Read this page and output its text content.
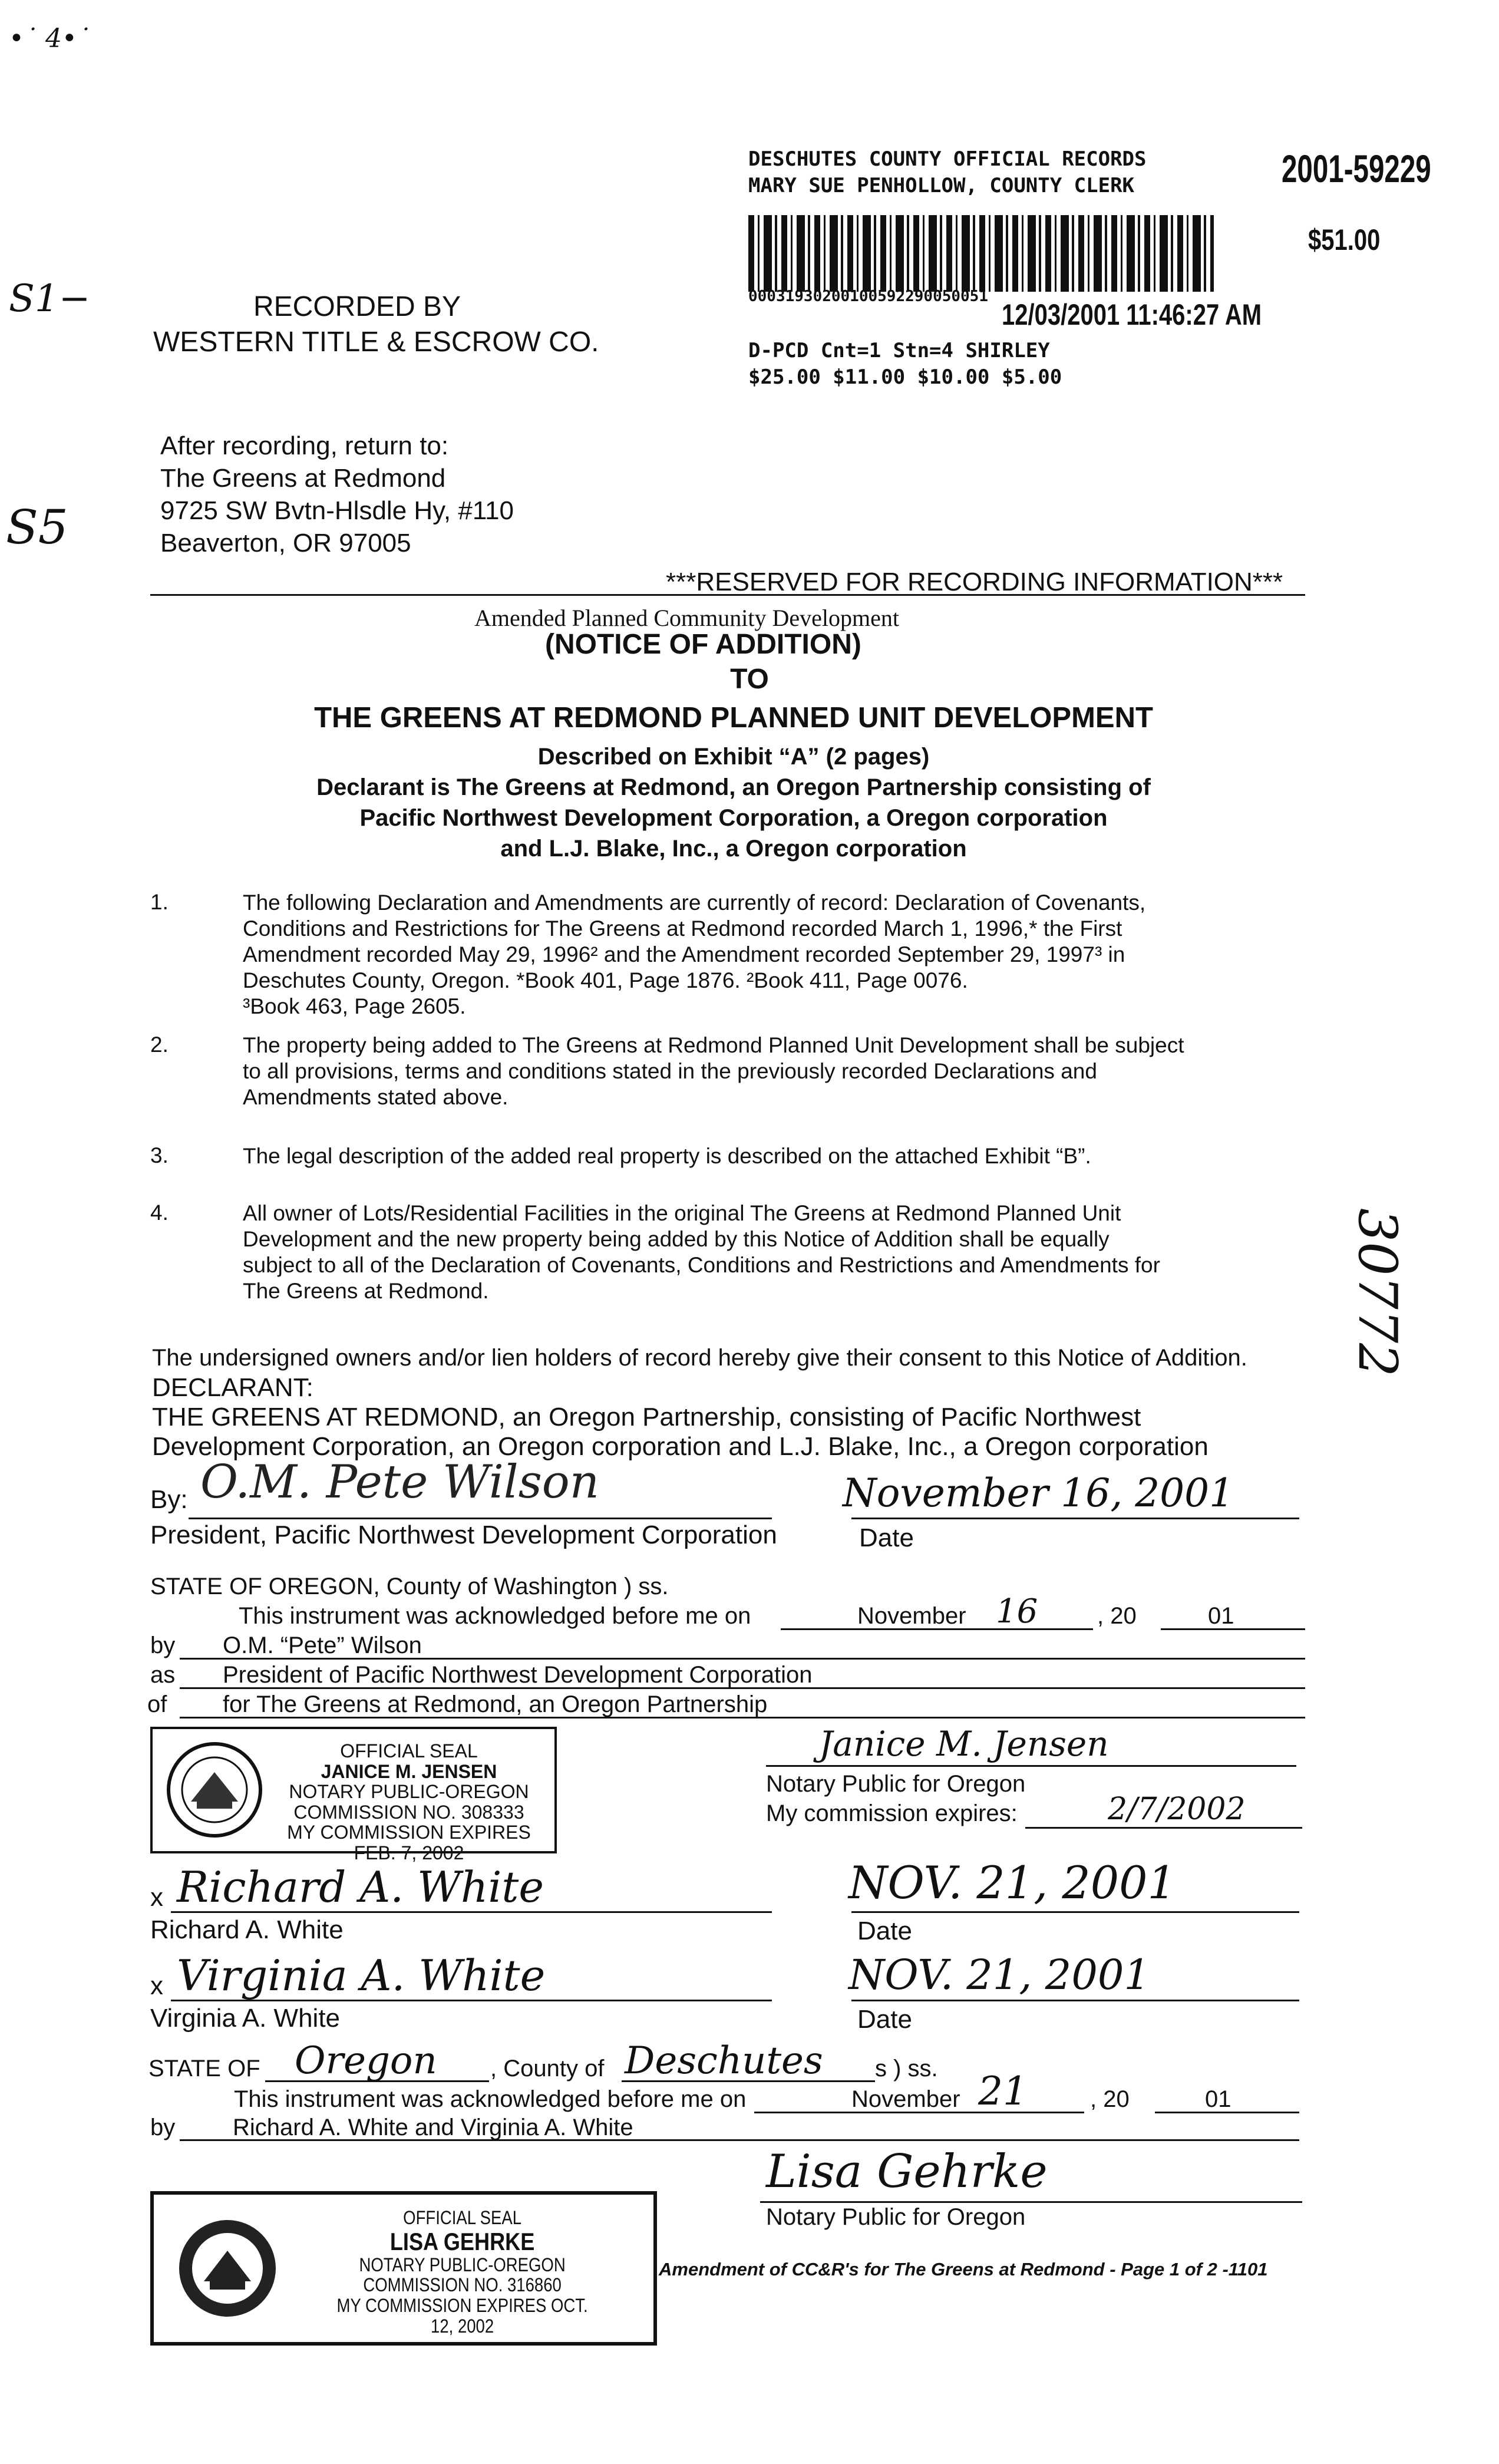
•˙ 4•˙
S1−
S5
30772
DESCHUTES COUNTY OFFICIAL RECORDS
MARY SUE PENHOLLOW, COUNTY CLERK	2001-59229
$51.00
00031930200100592290050051
12/03/2001 11:46:27 AM
D-PCD Cnt=1 Stn=4 SHIRLEY
$25.00 $11.00 $10.00 $5.00
RECORDED BY
WESTERN TITLE & ESCROW CO.
After recording, return to:
The Greens at Redmond
9725 SW Bvtn-Hlsdle Hy, #110
Beaverton, OR 97005
***RESERVED FOR RECORDING INFORMATION***
Amended Planned Community Development
(NOTICE OF ADDITION)
TO
THE GREENS AT REDMOND PLANNED UNIT DEVELOPMENT
Described on Exhibit “A” (2 pages)
Declarant is The Greens at Redmond, an Oregon Partnership consisting of
Pacific Northwest Development Corporation, a Oregon corporation
and L.J. Blake, Inc., a Oregon corporation
1.	The following Declaration and Amendments are currently of record: Declaration of Covenants,
Conditions and Restrictions for The Greens at Redmond recorded March 1, 1996,* the First
Amendment recorded May 29, 1996² and the Amendment recorded September 29, 1997³ in
Deschutes County, Oregon. *Book 401, Page 1876. ²Book 411, Page 0076.
³Book 463, Page 2605.
2.	The property being added to The Greens at Redmond Planned Unit Development shall be subject
to all provisions, terms and conditions stated in the previously recorded Declarations and
Amendments stated above.
3.	The legal description of the added real property is described on the attached Exhibit “B”.
4.	All owner of Lots/Residential Facilities in the original The Greens at Redmond Planned Unit
Development and the new property being added by this Notice of Addition shall be equally
subject to all of the Declaration of Covenants, Conditions and Restrictions and Amendments for
The Greens at Redmond.
The undersigned owners and/or lien holders of record hereby give their consent to this Notice of Addition.
DECLARANT:
THE GREENS AT REDMOND, an Oregon Partnership, consisting of Pacific Northwest
Development Corporation, an Oregon corporation and L.J. Blake, Inc., a Oregon corporation
By: O.M. Pete Wilson
President, Pacific Northwest Development Corporation
November 16, 2001
Date
STATE OF OREGON, County of Washington ) ss.
This instrument was acknowledged before me on	November 16	, 20	01
by O.M. “Pete” Wilson
as President of Pacific Northwest Development Corporation
of for The Greens at Redmond, an Oregon Partnership
OFFICIAL SEAL
JANICE M. JENSEN
NOTARY PUBLIC-OREGON
COMMISSION NO. 308333
MY COMMISSION EXPIRES FEB. 7, 2002
Janice M. Jensen
Notary Public for Oregon
My commission expires:	2/7/2002
x Richard A. White
Richard A. White
NOV. 21, 2001
Date
x Virginia A. White
Virginia A. White
NOV. 21, 2001
Date
STATE OF Oregon , County of Deschutes s ) ss.
This instrument was acknowledged before me on	November 21	, 20	01
by Richard A. White and Virginia A. White
Lisa Gehrke
Notary Public for Oregon
OFFICIAL SEAL
LISA GEHRKE
NOTARY PUBLIC-OREGON
COMMISSION NO. 316860
MY COMMISSION EXPIRES OCT. 12, 2002
Amendment of CC&R's for The Greens at Redmond - Page 1 of 2 -1101
